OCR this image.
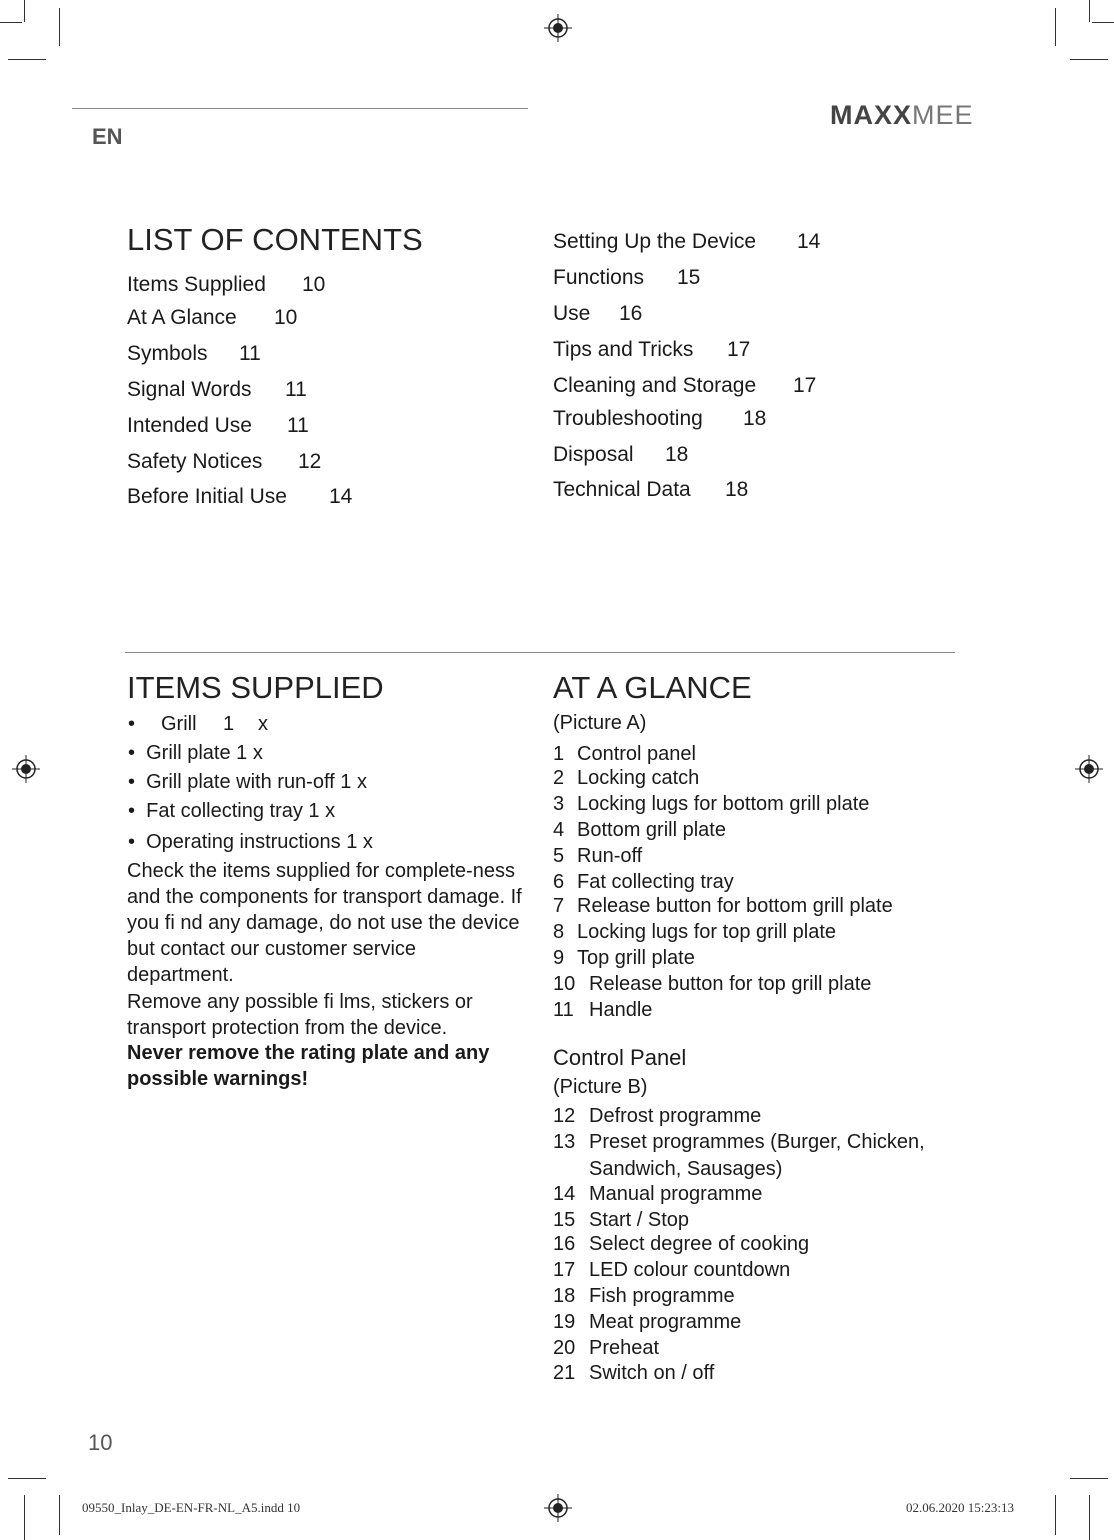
EN
MAXXMEE
LIST OF CONTENTS
Items Supplied 10
At A Glance 10
Symbols 11
Signal Words 11
Intended Use 11
Safety Notices 12
Before Initial Use 14
Setting Up the Device 14
Functions 15
Use 16
Tips and Tricks 17
Cleaning and Storage 17
Troubleshooting 18
Disposal 18
Technical Data 18
ITEMS SUPPLIED
• Grill 1 x
•  Grill plate 1 x
•  Grill plate with run-off 1 x
•  Fat collecting tray 1 x
•  Operating instructions 1 x
Check the items supplied for complete-ness and the components for transport damage. If you fi nd any damage, do not use the device but contact our customer service department.
Remove any possible fi lms, stickers or transport protection from the device.
Never remove the rating plate and any possible warnings!
AT A GLANCE
(Picture A)
1 Control panel
2 Locking catch
3 Locking lugs for bottom grill plate
4 Bottom grill plate
5 Run-off
6 Fat collecting tray
7 Release button for bottom grill plate
8 Locking lugs for top grill plate
9 Top grill plate
10 Release button for top grill plate
11 Handle
Control Panel
(Picture B)
12 Defrost programme
13 Preset programmes (Burger, Chicken,
Sandwich, Sausages)
14 Manual programme
15 Start / Stop
16 Select degree of cooking
17 LED colour countdown
18 Fish programme
19 Meat programme
20 Preheat
21 Switch on / off
10
09550_Inlay_DE-EN-FR-NL_A5.indd 10	02.06.2020 15:23:13
